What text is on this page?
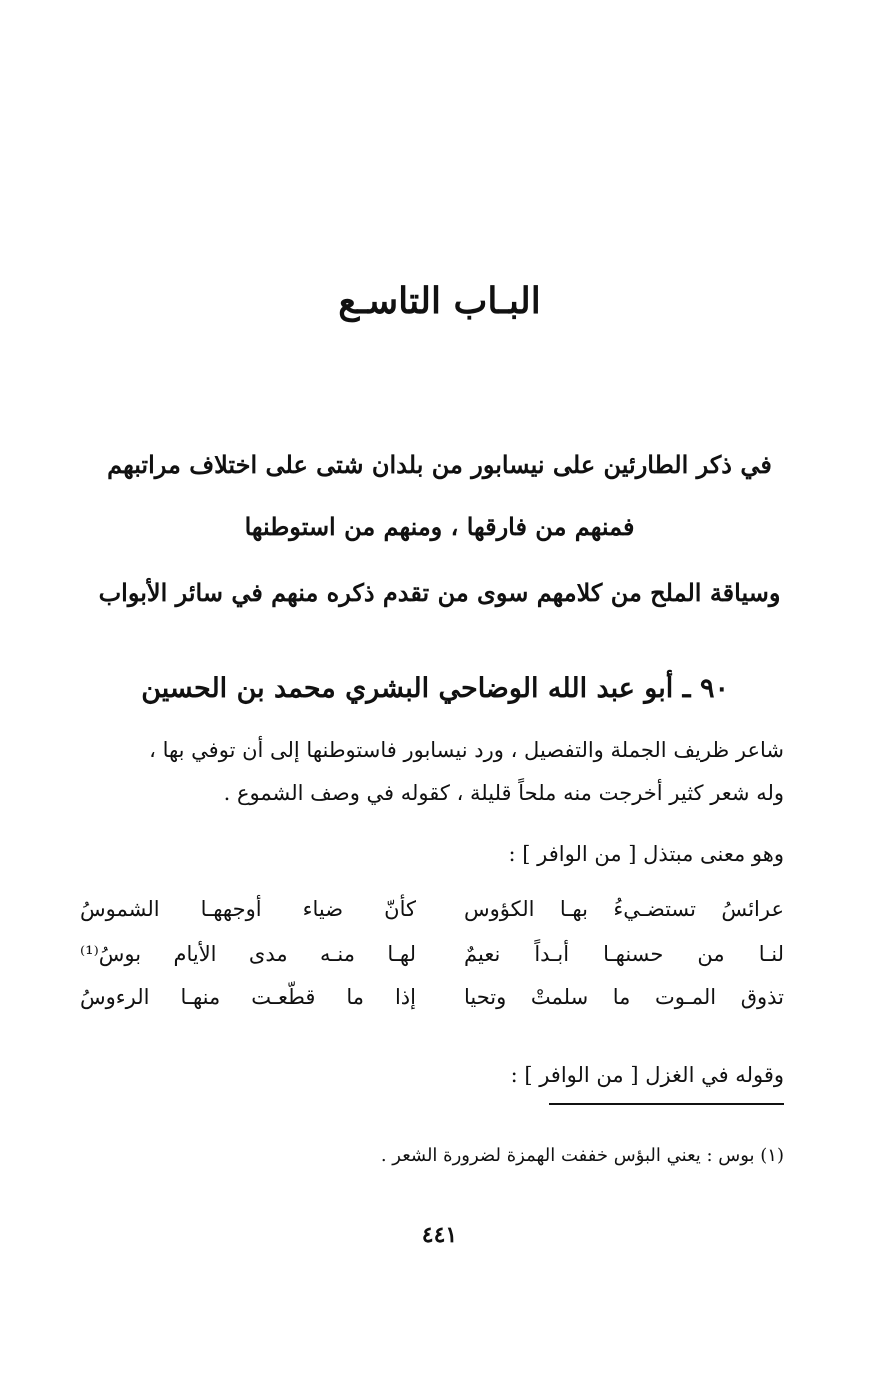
البـاب التاسـع
في ذكر الطارئين على نيسابور من بلدان شتى على اختلاف مراتبهم
فمنهم من فارقها ، ومنهم من استوطنها
وسياقة الملح من كلامهم سوى من تقدم ذكره منهم في سائر الأبواب
٩٠ ـ أبو عبد الله الوضاحي البشري محمد بن الحسين
شاعر ظريف الجملة والتفصيل ، ورد نيسابور فاستوطنها إلى أن توفي بها ،
وله شعر كثير أخرجت منه ملحاً قليلة ، كقوله في وصف الشموع .
وهو معنى مبتذل [ من الوافر ] :
عرائسُ تستضـيءُ بهـا الكؤوس
كأنّ ضياء أوجههـا الشموسُ
لنـا من حسنهـا أبـداً نعيمٌ
لهـا منـه مدى الأيام بوسُ⁽¹⁾
تذوق المـوت ما سلمتْ وتحيا
إذا ما قطّعـت منهـا الرءوسُ
وقوله في الغزل [ من الوافر ] :
(١) بوس : يعني البؤس خففت الهمزة لضرورة الشعر .
٤٤١
